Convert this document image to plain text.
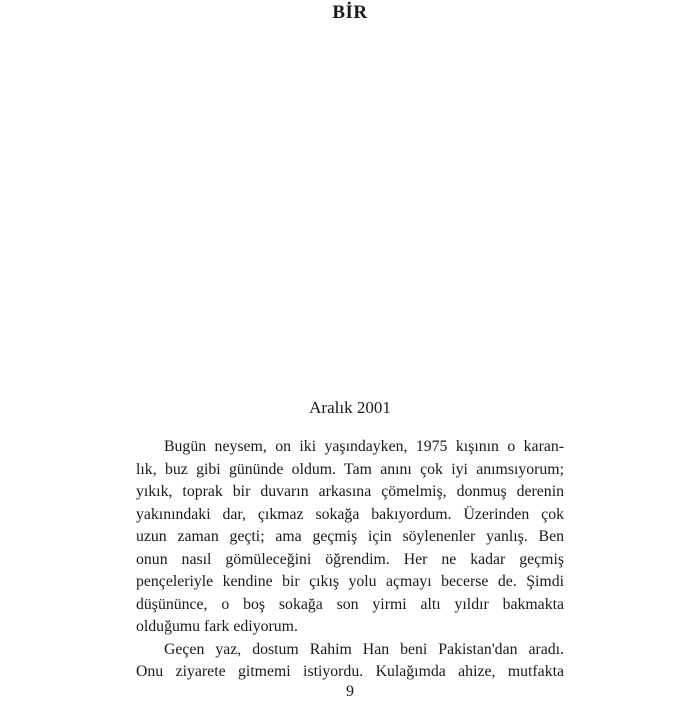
BİR
Aralık 2001
Bugün neysem, on iki yaşındayken, 1975 kışının o karan-
lık, buz gibi gününde oldum. Tam anını çok iyi anımsıyorum;
yıkık, toprak bir duvarın arkasına çömelmiş, donmuş derenin
yakınındaki dar, çıkmaz sokağa bakıyordum. Üzerinden çok
uzun zaman geçti; ama geçmiş için söylenenler yanlış. Ben
onun nasıl gömüleceğini öğrendim. Her ne kadar geçmiş
pençeleriyle kendine bir çıkış yolu açmayı becerse de. Şimdi
düşününce, o boş sokağa son yirmi altı yıldır bakmakta
olduğumu fark ediyorum.
Geçen yaz, dostum Rahim Han beni Pakistan'dan aradı.
Onu ziyarete gitmemi istiyordu. Kulağımda ahize, mutfakta
9
